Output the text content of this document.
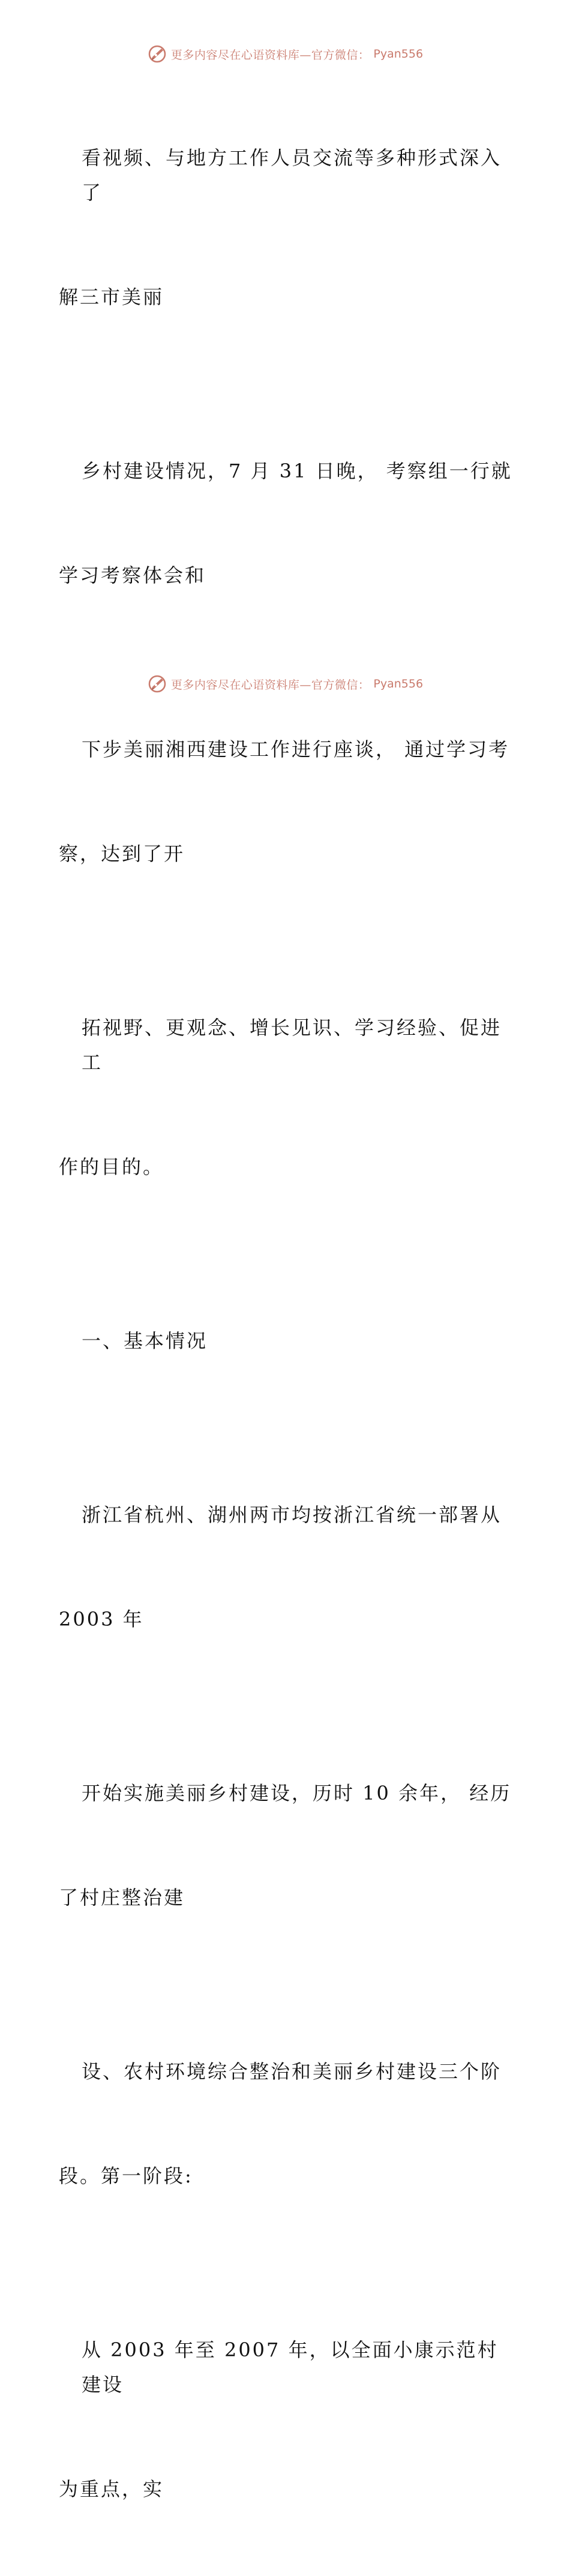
更多内容尽在心语资料库—官方微信： Pyan556

看视频、与地方工作人员交流等多种形式深入了

解三市美丽

乡村建设情况，7 月 31 日晚， 考察组一行就

学习考察体会和

下步美丽湘西建设工作进行座谈， 通过学习考

察，达到了开

拓视野、更观念、增长见识、学习经验、促进工

作的目的。

一、基本情况

浙江省杭州、湖州两市均按浙江省统一部署从

2003 年

开始实施美丽乡村建设，历时 10 余年， 经历

了村庄整治建

设、农村环境综合整治和美丽乡村建设三个阶

段。第一阶段:

从 2003 年至 2007 年，以全面小康示范村建设

为重点，实

更多内容尽在心语资料库—官方微信： Pyan556
